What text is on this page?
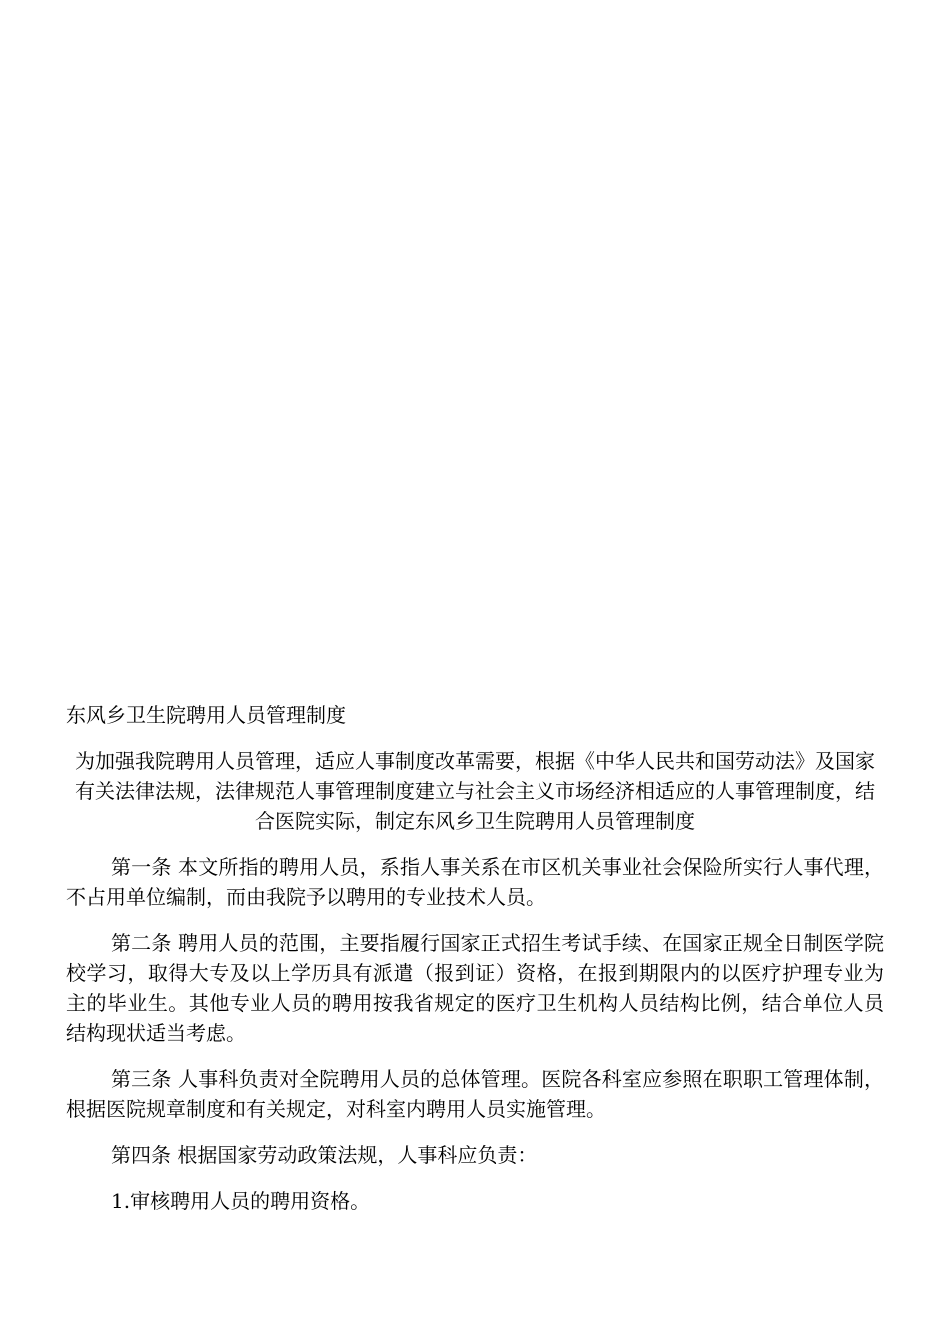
东风乡卫生院聘用人员管理制度

为加强我院聘用人员管理，适应人事制度改革需要，根据《中华人民共和国劳动法》及国家有关法律法规，法律规范人事管理制度建立与社会主义市场经济相适应的人事管理制度，结合医院实际，制定东风乡卫生院聘用人员管理制度

第一条 本文所指的聘用人员，系指人事关系在市区机关事业社会保险所实行人事代理，不占用单位编制，而由我院予以聘用的专业技术人员。

第二条 聘用人员的范围，主要指履行国家正式招生考试手续、在国家正规全日制医学院校学习，取得大专及以上学历具有派遣（报到证）资格，在报到期限内的以医疗护理专业为主的毕业生。其他专业人员的聘用按我省规定的医疗卫生机构人员结构比例，结合单位人员结构现状适当考虑。

第三条 人事科负责对全院聘用人员的总体管理。医院各科室应参照在职职工管理体制，根据医院规章制度和有关规定，对科室内聘用人员实施管理。

第四条 根据国家劳动政策法规，人事科应负责：

1.审核聘用人员的聘用资格。
